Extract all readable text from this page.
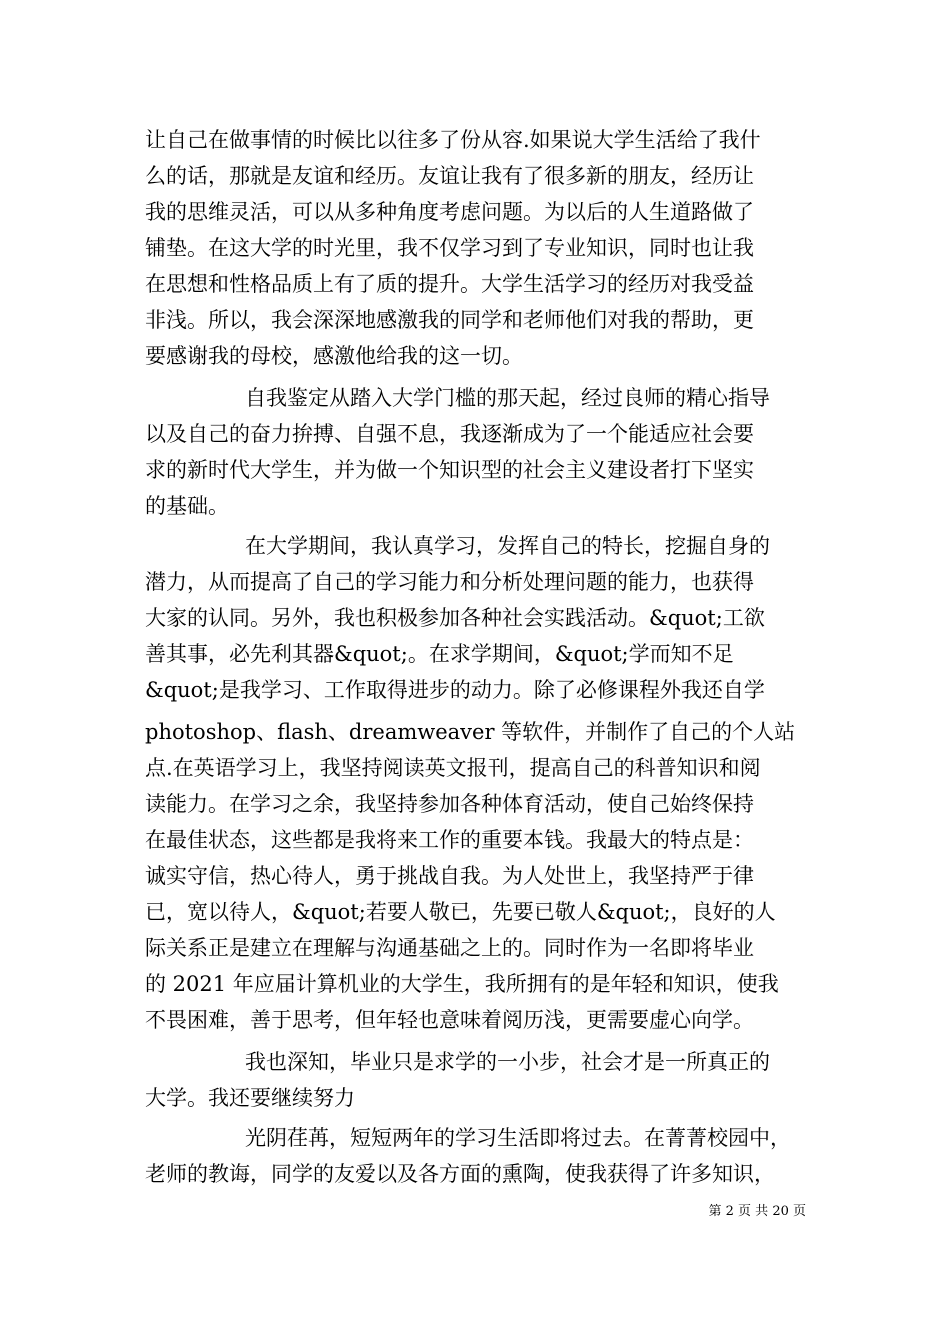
让自己在做事情的时候比以往多了份从容.如果说大学生活给了我什
么的话，那就是友谊和经历。友谊让我有了很多新的朋友，经历让
我的思维灵活，可以从多种角度考虑问题。为以后的人生道路做了
铺垫。在这大学的时光里，我不仅学习到了专业知识，同时也让我
在思想和性格品质上有了质的提升。大学生活学习的经历对我受益
非浅。所以，我会深深地感激我的同学和老师他们对我的帮助，更
要感谢我的母校，感激他给我的这一切。
自我鉴定从踏入大学门槛的那天起，经过良师的精心指导
以及自己的奋力拚搏、自强不息，我逐渐成为了一个能适应社会要
求的新时代大学生，并为做一个知识型的社会主义建设者打下坚实
的基础。
在大学期间，我认真学习，发挥自己的特长，挖掘自身的
潜力，从而提高了自己的学习能力和分析处理问题的能力，也获得
大家的认同。另外，我也积极参加各种社会实践活动。&quot;工欲
善其事，必先利其器&quot;。在求学期间，&quot;学而知不足
&quot;是我学习、工作取得进步的动力。除了必修课程外我还自学
photoshop、flash、dreamweaver 等软件，并制作了自己的个人站
点.在英语学习上，我坚持阅读英文报刊，提高自己的科普知识和阅
读能力。在学习之余，我坚持参加各种体育活动，使自己始终保持
在最佳状态，这些都是我将来工作的重要本钱。我最大的特点是：
诚实守信，热心待人，勇于挑战自我。为人处世上，我坚持严于律
已，宽以待人，&quot;若要人敬已，先要已敬人&quot;，良好的人
际关系正是建立在理解与沟通基础之上的。同时作为一名即将毕业
的 2021 年应届计算机业的大学生，我所拥有的是年轻和知识，使我
不畏困难，善于思考，但年轻也意味着阅历浅，更需要虚心向学。
我也深知，毕业只是求学的一小步，社会才是一所真正的
大学。我还要继续努力
光阴荏苒，短短两年的学习生活即将过去。在菁菁校园中，
老师的教诲，同学的友爱以及各方面的熏陶，使我获得了许多知识，
第 2 页 共 20 页
